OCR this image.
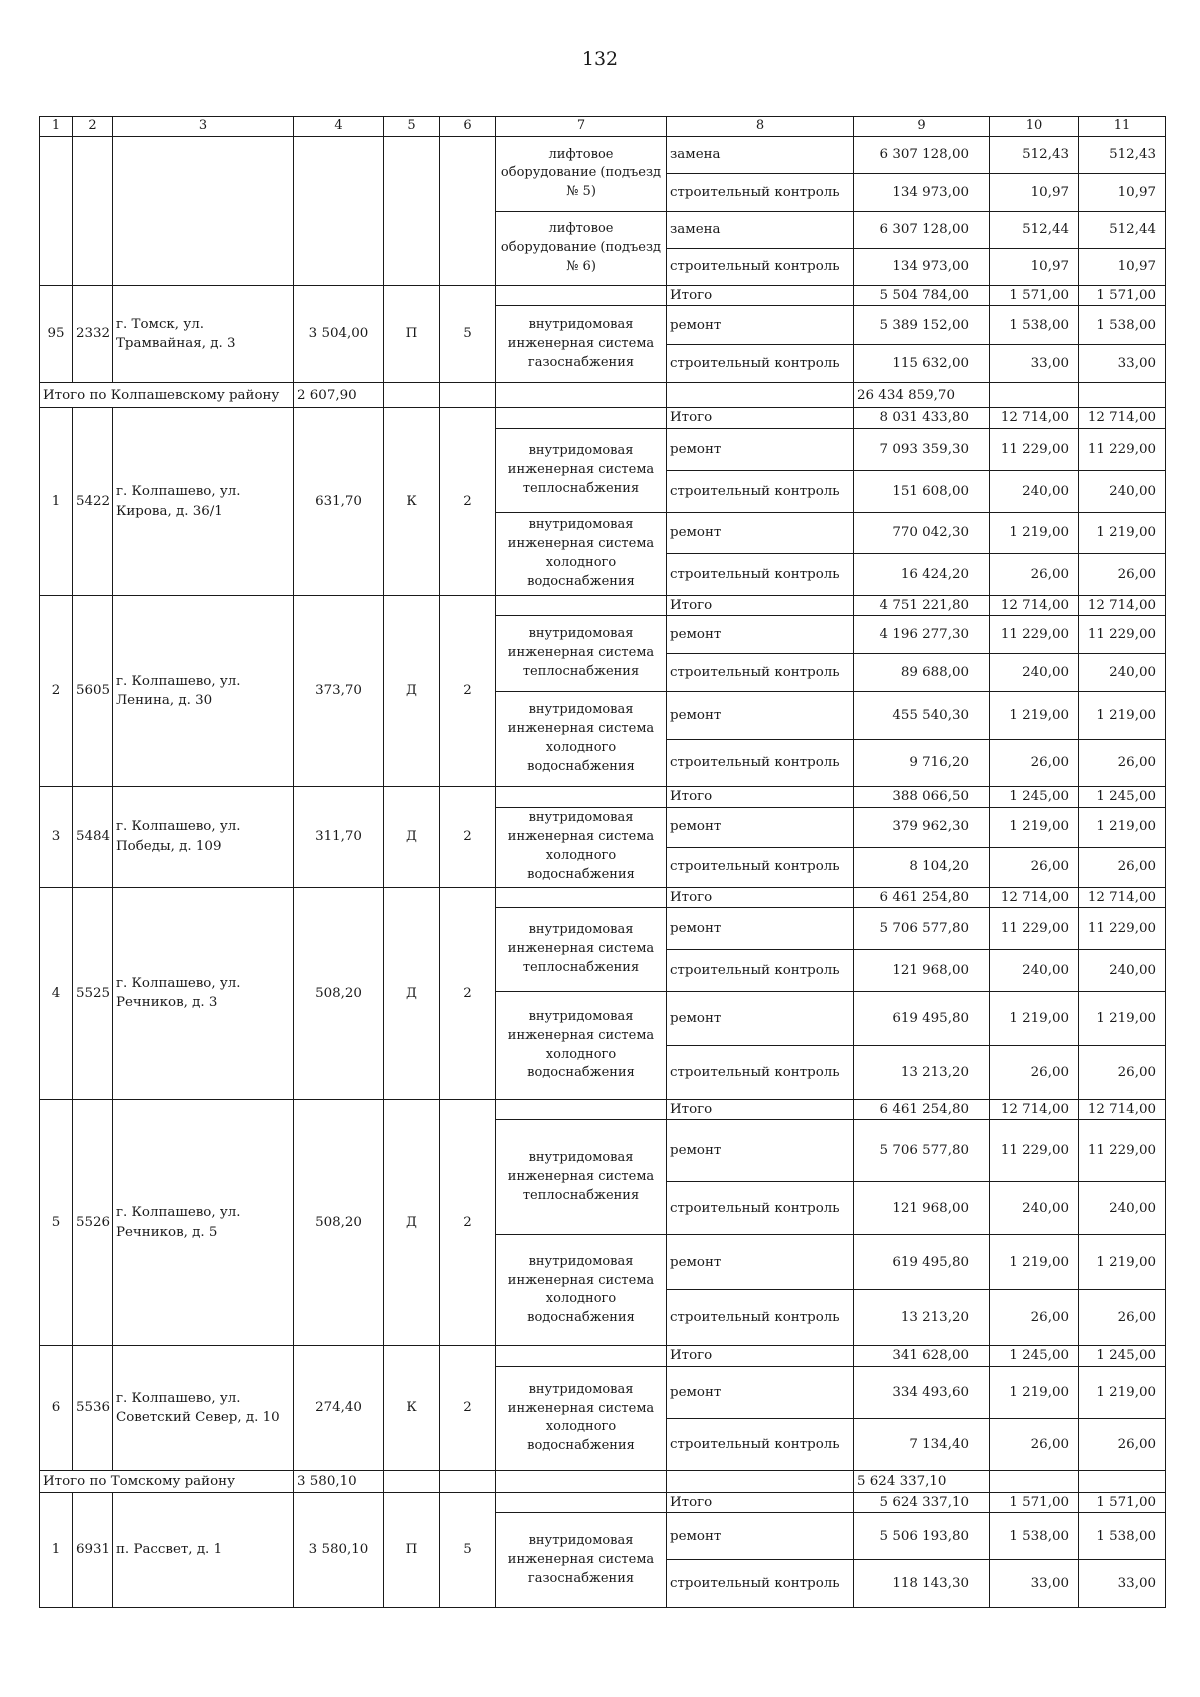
132
1	2	3	4	5	6	7	8	9	10	11
						лифтовое оборудование (подъезд № 5)	замена	6 307 128,00	512,43	512,43
							строительный контроль	134 973,00	10,97	10,97
						лифтовое оборудование (подъезд № 6)	замена	6 307 128,00	512,44	512,44
							строительный контроль	134 973,00	10,97	10,97
95	2332	г. Томск, ул. Трамвайная, д. 3	3 504,00	П	5		Итого	5 504 784,00	1 571,00	1 571,00
						внутридомовая инженерная система газоснабжения	ремонт	5 389 152,00	1 538,00	1 538,00
							строительный контроль	115 632,00	33,00	33,00
Итого по Колпашевскому району			2 607,90					26 434 859,70		
1	5422	г. Колпашево, ул. Кирова, д. 36/1	631,70	К	2		Итого	8 031 433,80	12 714,00	12 714,00
						внутридомовая инженерная система теплоснабжения	ремонт	7 093 359,30	11 229,00	11 229,00
							строительный контроль	151 608,00	240,00	240,00
						внутридомовая инженерная система холодного водоснабжения	ремонт	770 042,30	1 219,00	1 219,00
							строительный контроль	16 424,20	26,00	26,00
2	5605	г. Колпашево, ул. Ленина, д. 30	373,70	Д	2		Итого	4 751 221,80	12 714,00	12 714,00
						внутридомовая инженерная система теплоснабжения	ремонт	4 196 277,30	11 229,00	11 229,00
							строительный контроль	89 688,00	240,00	240,00
						внутридомовая инженерная система холодного водоснабжения	ремонт	455 540,30	1 219,00	1 219,00
							строительный контроль	9 716,20	26,00	26,00
3	5484	г. Колпашево, ул. Победы, д. 109	311,70	Д	2		Итого	388 066,50	1 245,00	1 245,00
						внутридомовая инженерная система холодного водоснабжения	ремонт	379 962,30	1 219,00	1 219,00
							строительный контроль	8 104,20	26,00	26,00
4	5525	г. Колпашево, ул. Речников, д. 3	508,20	Д	2		Итого	6 461 254,80	12 714,00	12 714,00
						внутридомовая инженерная система теплоснабжения	ремонт	5 706 577,80	11 229,00	11 229,00
							строительный контроль	121 968,00	240,00	240,00
						внутридомовая инженерная система холодного водоснабжения	ремонт	619 495,80	1 219,00	1 219,00
							строительный контроль	13 213,20	26,00	26,00
5	5526	г. Колпашево, ул. Речников, д. 5	508,20	Д	2		Итого	6 461 254,80	12 714,00	12 714,00
						внутридомовая инженерная система теплоснабжения	ремонт	5 706 577,80	11 229,00	11 229,00
							строительный контроль	121 968,00	240,00	240,00
						внутридомовая инженерная система холодного водоснабжения	ремонт	619 495,80	1 219,00	1 219,00
							строительный контроль	13 213,20	26,00	26,00
6	5536	г. Колпашево, ул. Советский Север, д. 10	274,40	К	2		Итого	341 628,00	1 245,00	1 245,00
						внутридомовая инженерная система холодного водоснабжения	ремонт	334 493,60	1 219,00	1 219,00
							строительный контроль	7 134,40	26,00	26,00
Итого по Томскому району			3 580,10					5 624 337,10		
1	6931	п. Рассвет, д. 1	3 580,10	П	5		Итого	5 624 337,10	1 571,00	1 571,00
						внутридомовая инженерная система газоснабжения	ремонт	5 506 193,80	1 538,00	1 538,00
							строительный контроль	118 143,30	33,00	33,00
